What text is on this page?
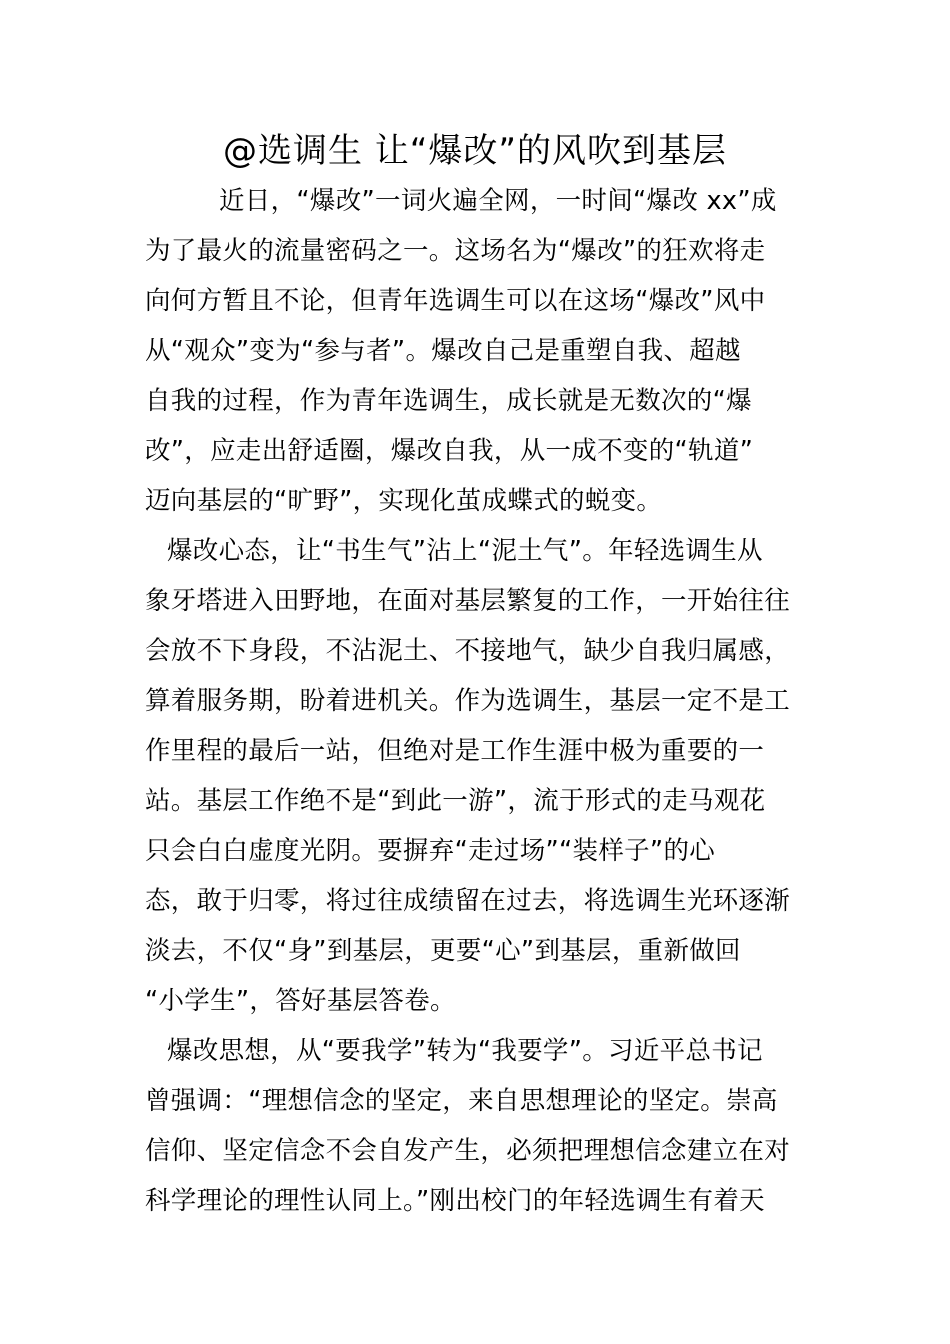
@选调生 让“爆改”的风吹到基层
近日，“爆改”一词火遍全网，一时间“爆改 xx”成
为了最火的流量密码之一。这场名为“爆改”的狂欢将走
向何方暂且不论，但青年选调生可以在这场“爆改”风中
从“观众”变为“参与者”。爆改自己是重塑自我、超越
自我的过程，作为青年选调生，成长就是无数次的“爆
改”，应走出舒适圈，爆改自我，从一成不变的“轨道”
迈向基层的“旷野”，实现化茧成蝶式的蜕变。
爆改心态，让“书生气”沾上“泥土气”。年轻选调生从
象牙塔进入田野地，在面对基层繁复的工作，一开始往往
会放不下身段，不沾泥土、不接地气，缺少自我归属感，
算着服务期，盼着进机关。作为选调生，基层一定不是工
作里程的最后一站，但绝对是工作生涯中极为重要的一
站。基层工作绝不是“到此一游”，流于形式的走马观花
只会白白虚度光阴。要摒弃“走过场”“装样子”的心
态，敢于归零，将过往成绩留在过去，将选调生光环逐渐
淡去，不仅“身”到基层，更要“心”到基层，重新做回
“小学生”，答好基层答卷。
爆改思想，从“要我学”转为“我要学”。习近平总书记
曾强调：“理想信念的坚定，来自思想理论的坚定。崇高
信仰、坚定信念不会自发产生，必须把理想信念建立在对
科学理论的理性认同上。”刚出校门的年轻选调生有着天
